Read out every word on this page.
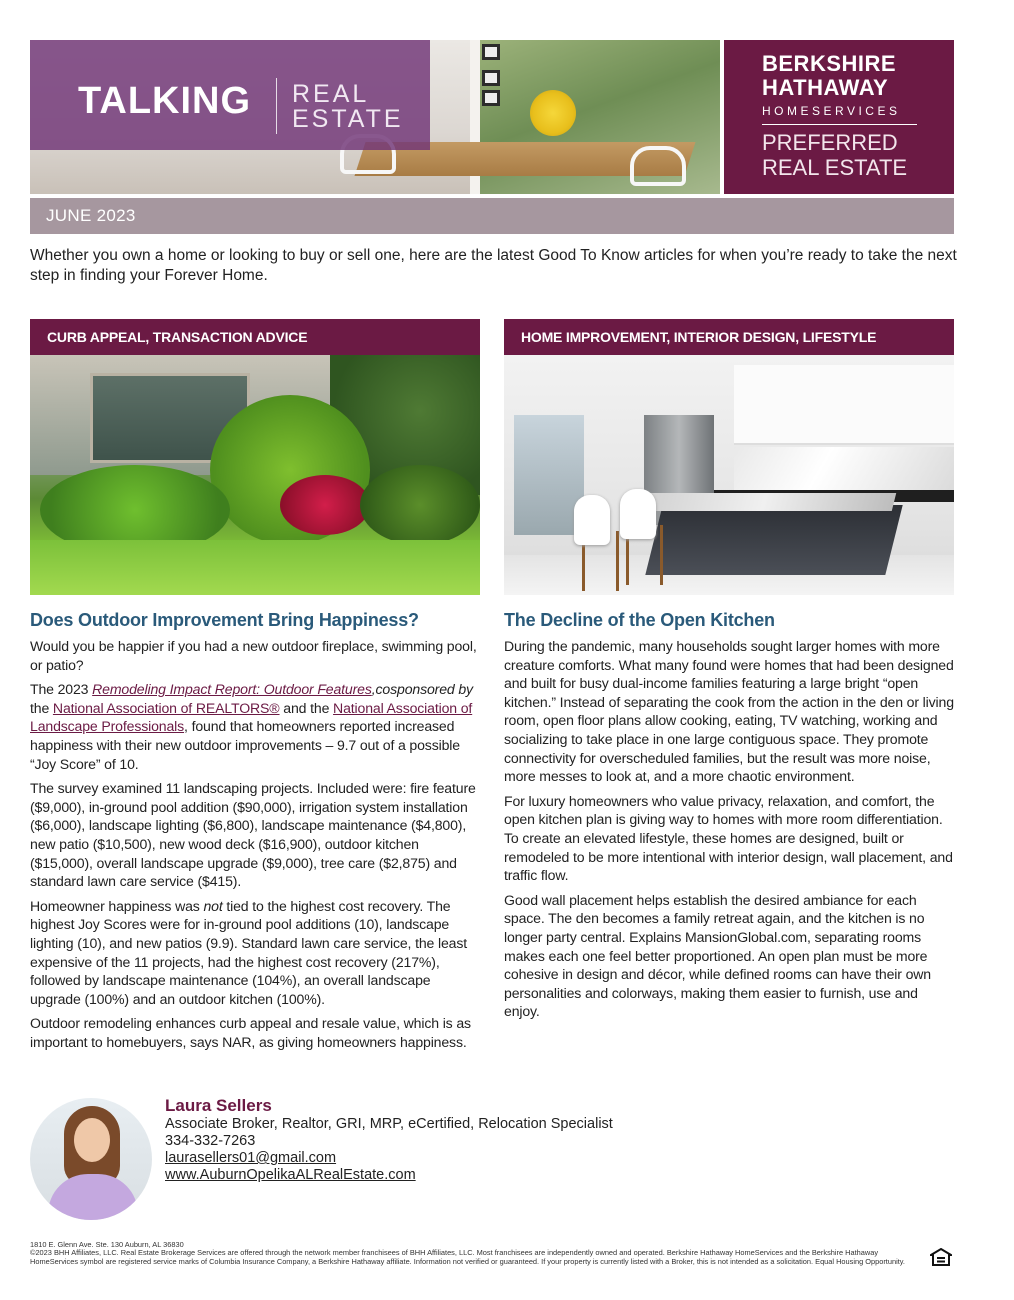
TALKING REAL
ESTATE
BERKSHIRE
HATHAWAY
HOMESERVICES
PREFERRED
REAL ESTATE
JUNE 2023
Whether you own a home or looking to buy or sell one, here are the latest Good To Know articles for when you’re ready to take the next step in finding your Forever Home.
CURB APPEAL, TRANSACTION ADVICE
Does Outdoor Improvement Bring Happiness?

Would you be happier if you had a new outdoor fireplace, swimming pool, or patio?

The 2023 Remodeling Impact Report: Outdoor Features,cosponsored by the National Association of REALTORS® and the National Association of Landscape Professionals, found that homeowners reported increased happiness with their new outdoor improvements – 9.7 out of a possible “Joy Score” of 10.

The survey examined 11 landscaping projects. Included were: fire feature ($9,000), in-ground pool addition ($90,000), irrigation system installation ($6,000), landscape lighting ($6,800), landscape maintenance ($4,800), new patio ($10,500), new wood deck ($16,900), outdoor kitchen ($15,000), overall landscape upgrade ($9,000), tree care ($2,875) and standard lawn care service ($415).

Homeowner happiness was not tied to the highest cost recovery. The highest Joy Scores were for in-ground pool additions (10), landscape lighting (10), and new patios (9.9). Standard lawn care service, the least expensive of the 11 projects, had the highest cost recovery (217%), followed by landscape maintenance (104%), an overall landscape upgrade (100%) and an outdoor kitchen (100%).

Outdoor remodeling enhances curb appeal and resale value, which is as important to homebuyers, says NAR, as giving homeowners happiness.

HOME IMPROVEMENT, INTERIOR DESIGN, LIFESTYLE
The Decline of the Open Kitchen

During the pandemic, many households sought larger homes with more creature comforts. What many found were homes that had been designed and built for busy dual-income families featuring a large bright “open kitchen.” Instead of separating the cook from the action in the den or living room, open floor plans allow cooking, eating, TV watching, working and socializing to take place in one large contiguous space. They promote connectivity for overscheduled families, but the result was more noise, more messes to look at, and a more chaotic environment.

For luxury homeowners who value privacy, relaxation, and comfort, the open kitchen plan is giving way to homes with more room differentiation. To create an elevated lifestyle, these homes are designed, built or remodeled to be more intentional with interior design, wall placement, and traffic flow.

Good wall placement helps establish the desired ambiance for each space. The den becomes a family retreat again, and the kitchen is no longer party central. Explains MansionGlobal.com, separating rooms makes each one feel better proportioned. An open plan must be more cohesive in design and décor, while defined rooms can have their own personalities and colorways, making them easier to furnish, use and enjoy.

Laura Sellers
Associate Broker, Realtor, GRI, MRP, eCertified, Relocation Specialist
334-332-7263
laurasellers01@gmail.com
www.AuburnOpelikaALRealEstate.com
1810 E. Glenn Ave. Ste. 130 Auburn, AL 36830
©2023 BHH Affiliates, LLC. Real Estate Brokerage Services are offered through the network member franchisees of BHH Affiliates, LLC. Most franchisees are independently owned and operated. Berkshire Hathaway HomeServices and the Berkshire Hathaway HomeServices symbol are registered service marks of Columbia Insurance Company, a Berkshire Hathaway affiliate. Information not verified or guaranteed. If your property is currently listed with a Broker, this is not intended as a solicitation. Equal Housing Opportunity.
